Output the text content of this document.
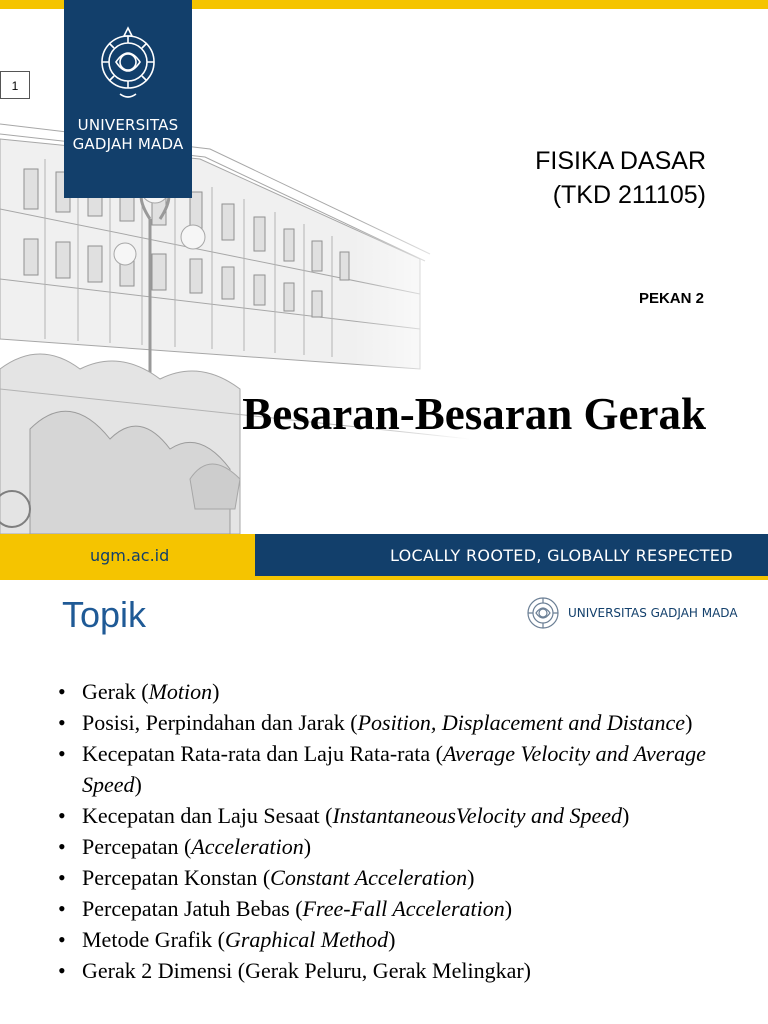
UNIVERSITAS
GADJAH MADA
1
FISIKA DASAR
(TKD 211105)
PEKAN 2
Besaran-Besaran Gerak
ugm.ac.id	LOCALLY ROOTED, GLOBALLY RESPECTED
Topik	UNIVERSITAS GADJAH MADA
• Gerak (Motion)
• Posisi, Perpindahan dan Jarak (Position, Displacement and Distance)
• Kecepatan Rata-rata dan Laju Rata-rata (Average Velocity and Average Speed)
• Kecepatan dan Laju Sesaat (InstantaneousVelocity and Speed)
• Percepatan (Acceleration)
• Percepatan Konstan (Constant Acceleration)
• Percepatan Jatuh Bebas (Free-Fall Acceleration)
• Metode Grafik (Graphical Method)
• Gerak 2 Dimensi (Gerak Peluru, Gerak Melingkar)
